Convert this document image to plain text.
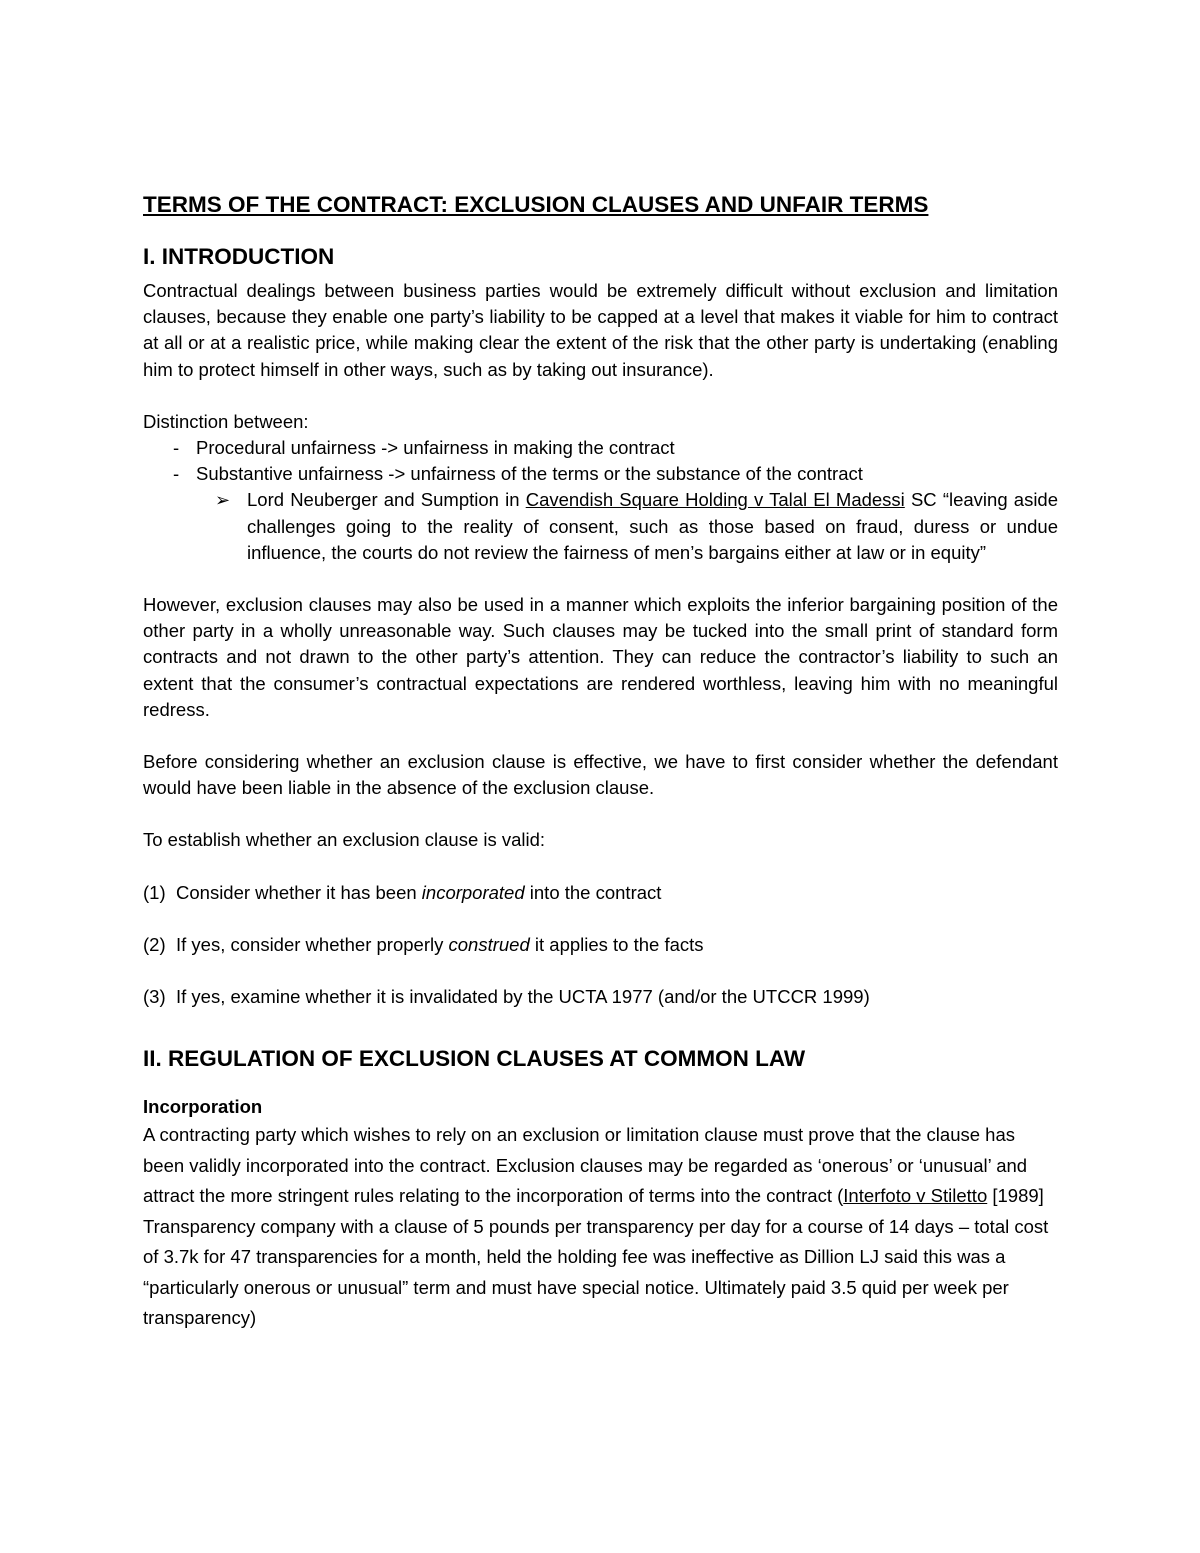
TERMS OF THE CONTRACT: EXCLUSION CLAUSES AND UNFAIR TERMS
I. INTRODUCTION

Contractual dealings between business parties would be extremely difficult without exclusion and limitation clauses, because they enable one party’s liability to be capped at a level that makes it viable for him to contract at all or at a realistic price, while making clear the extent of the risk that the other party is undertaking (enabling him to protect himself in other ways, such as by taking out insurance).

Distinction between:

- Procedural unfairness -> unfairness in making the contract
- Substantive unfairness -> unfairness of the terms or the substance of the contract
➢ Lord Neuberger and Sumption in Cavendish Square Holding v Talal El Madessi SC “leaving aside challenges going to the reality of consent, such as those based on fraud, duress or undue influence, the courts do not review the fairness of men’s bargains either at law or in equity”

However, exclusion clauses may also be used in a manner which exploits the inferior bargaining position of the other party in a wholly unreasonable way. Such clauses may be tucked into the small print of standard form contracts and not drawn to the other party’s attention. They can reduce the contractor’s liability to such an extent that the consumer’s contractual expectations are rendered worthless, leaving him with no meaningful redress.

Before considering whether an exclusion clause is effective, we have to first consider whether the defendant would have been liable in the absence of the exclusion clause.

To establish whether an exclusion clause is valid:

(1) Consider whether it has been incorporated into the contract
(2) If yes, consider whether properly construed it applies to the facts
(3) If yes, examine whether it is invalidated by the UCTA 1977 (and/or the UTCCR 1999)
II. REGULATION OF EXCLUSION CLAUSES AT COMMON LAW
Incorporation

A contracting party which wishes to rely on an exclusion or limitation clause must prove that the clause has been validly incorporated into the contract. Exclusion clauses may be regarded as ‘onerous’ or ‘unusual’ and attract the more stringent rules relating to the incorporation of terms into the contract (Interfoto v Stiletto [1989] Transparency company with a clause of 5 pounds per transparency per day for a course of 14 days – total cost of 3.7k for 47 transparencies for a month, held the holding fee was ineffective as Dillion LJ said this was a “particularly onerous or unusual” term and must have special notice. Ultimately paid 3.5 quid per week per transparency)
